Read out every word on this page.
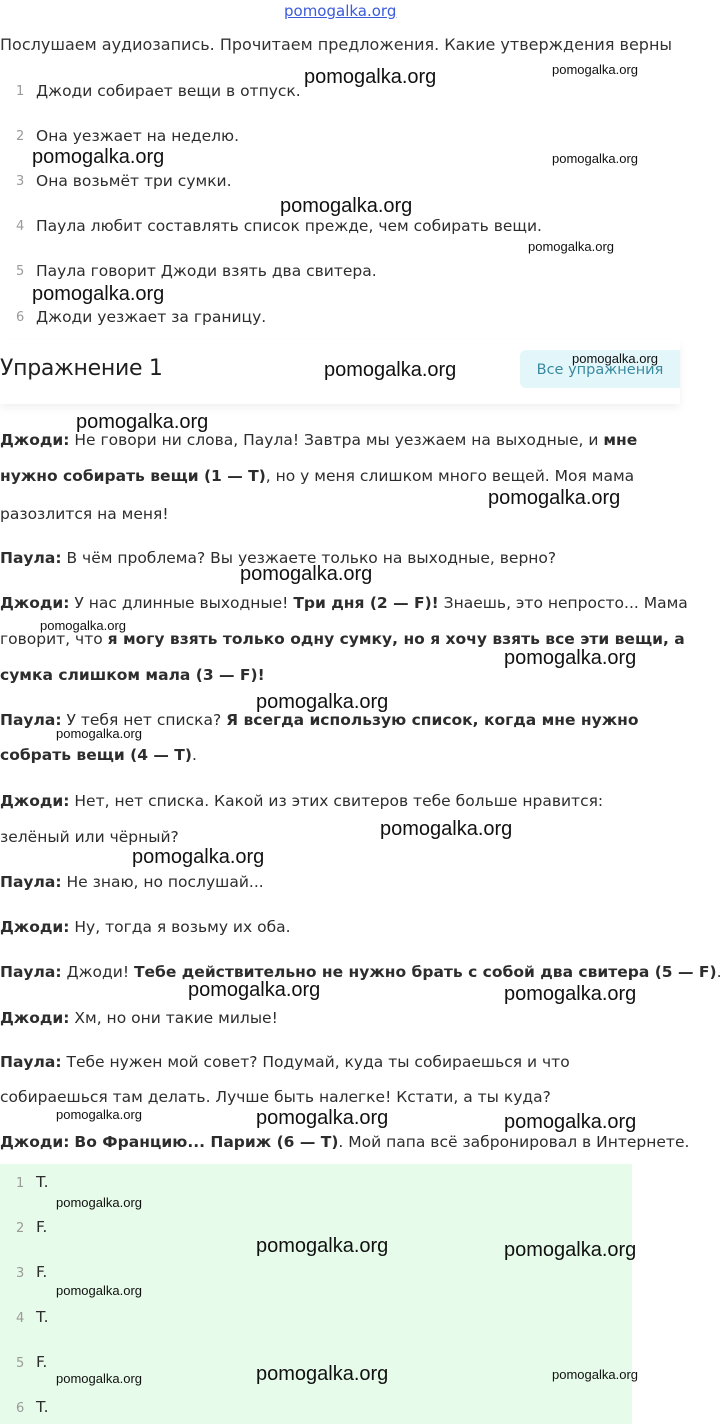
pomogalka.org
Послушаем аудиозапись. Прочитаем предложения. Какие утверждения верны
1 Джоди собирает вещи в отпуск.
2 Она уезжает на неделю.
3 Она возьмёт три сумки.
4 Паула любит составлять список прежде, чем собирать вещи.
5 Паула говорит Джоди взять два свитера.
6 Джоди уезжает за границу.
Упражнение 1	Все упражнения
Джоди: Не говори ни слова, Паула! Завтра мы уезжаем на выходные, и мне
нужно собирать вещи (1 — T), но у меня слишком много вещей. Моя мама
разозлится на меня!
Паула: В чём проблема? Вы уезжаете только на выходные, верно?
Джоди: У нас длинные выходные! Три дня (2 — F)! Знаешь, это непросто... Мама
говорит, что я могу взять только одну сумку, но я хочу взять все эти вещи, а
сумка слишком мала (3 — F)!
Паула: У тебя нет списка? Я всегда использую список, когда мне нужно
собрать вещи (4 — T).
Джоди: Нет, нет списка. Какой из этих свитеров тебе больше нравится:
зелёный или чёрный?
Паула: Не знаю, но послушай...
Джоди: Ну, тогда я возьму их оба.
Паула: Джоди! Тебе действительно не нужно брать с собой два свитера (5 — F).
Джоди: Хм, но они такие милые!
Паула: Тебе нужен мой совет? Подумай, куда ты собираешься и что
собираешься там делать. Лучше быть налегке! Кстати, а ты куда?
Джоди: Во Францию... Париж (6 — T). Мой папа всё забронировал в Интернете.
1 T.
2 F.
3 F.
4 T.
5 F.
6 T.
pomogalka.org
pomogalka.org
pomogalka.org
pomogalka.org
pomogalka.org
pomogalka.org
pomogalka.org
pomogalka.org
pomogalka.org
pomogalka.org
pomogalka.org
pomogalka.org
pomogalka.org	pomogalka.org
pomogalka.org	pomogalka.org
pomogalka.org	pomogalka.org
pomogalka.org
pomogalka.org
pomogalka.org
pomogalka.org
pomogalka.org
pomogalka.org
pomogalka.org
pomogalka.org
pomogalka.org
pomogalka.org
pomogalka.org	pomogalka.org
